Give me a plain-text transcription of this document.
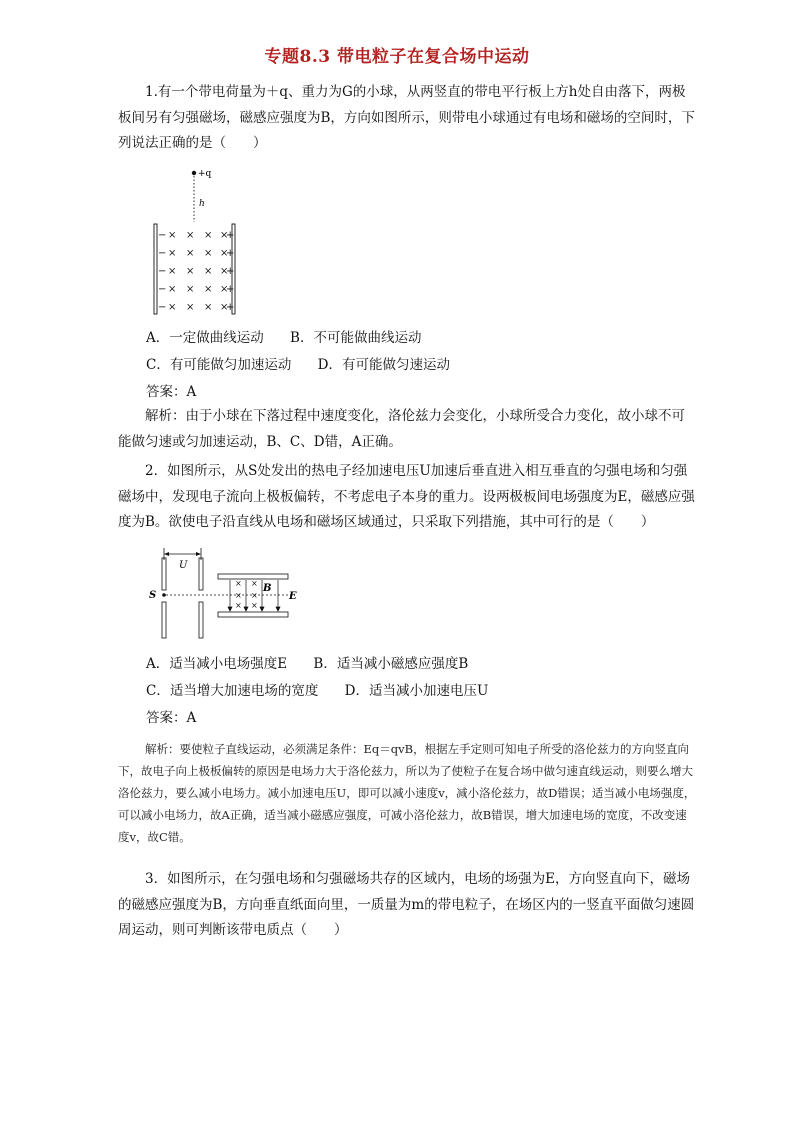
专题8.3 带电粒子在复合场中运动

1.有一个带电荷量为＋q、重力为G的小球，从两竖直的带电平行板上方h处自由落下，两极板间另有匀强磁场，磁感应强度为B，方向如图所示，则带电小球通过有电场和磁场的空间时，下列说法正确的是（　　）

+q
h
− × × × ×
+
− × × × ×
+
− × × × ×
+
− × × × ×
+
− × × × ×
+
A．一定做曲线运动 B．不可能做曲线运动
C．有可能做匀加速运动 D．有可能做匀速运动
答案：A

解析：由于小球在下落过程中速度变化，洛伦兹力会变化，小球所受合力变化，故小球不可能做匀速或匀加速运动，B、C、D错，A正确。

2．如图所示，从S处发出的热电子经加速电压U加速后垂直进入相互垂直的匀强电场和匀强磁场中，发现电子流向上极板偏转，不考虑电子本身的重力。设两极板间电场强度为E，磁感应强度为B。欲使电子沿直线从电场和磁场区域通过，只采取下列措施，其中可行的是（　　）

U
S
×
×
×
×
×
×
B
E
A．适当减小电场强度E B．适当减小磁感应强度B
C．适当增大加速电场的宽度 D．适当减小加速电压U
答案：A

解析：要使粒子直线运动，必须满足条件：Eq＝qvB，根据左手定则可知电子所受的洛伦兹力的方向竖直向下，故电子向上极板偏转的原因是电场力大于洛伦兹力，所以为了使粒子在复合场中做匀速直线运动，则要么增大洛伦兹力，要么减小电场力。减小加速电压U，即可以减小速度v，减小洛伦兹力，故D错误；适当减小电场强度，可以减小电场力，故A正确，适当减小磁感应强度，可减小洛伦兹力，故B错误，增大加速电场的宽度，不改变速度v，故C错。

3．如图所示，在匀强电场和匀强磁场共存的区域内，电场的场强为E，方向竖直向下，磁场的磁感应强度为B，方向垂直纸面向里，一质量为m的带电粒子，在场区内的一竖直平面做匀速圆周运动，则可判断该带电质点（　　）
